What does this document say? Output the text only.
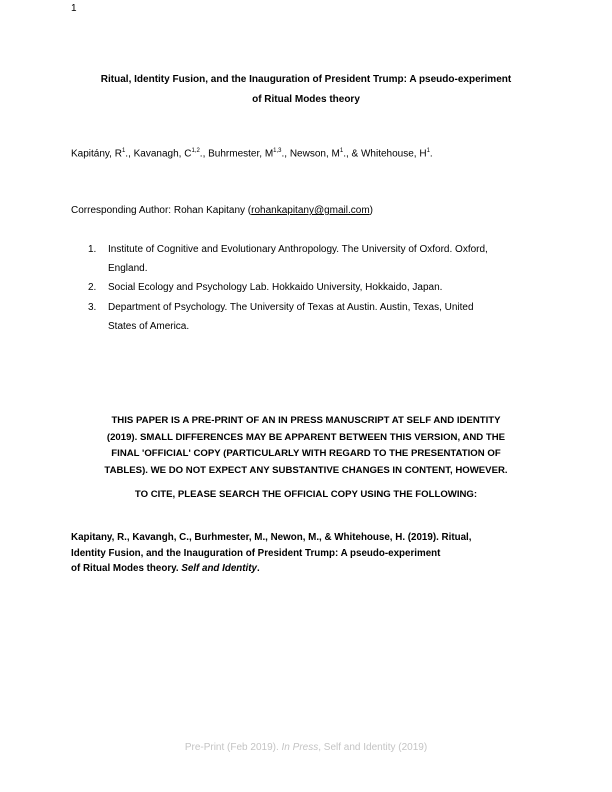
1
Ritual, Identity Fusion, and the Inauguration of President Trump: A pseudo-experiment
of Ritual Modes theory
Kapitány, $R^1$., Kavanagh, C$^{1,2}$., Buhrmester, M$^{1,3}$., Newson, $M^1$., & Whitehouse, $H^1$.
Corresponding Author: Rohan Kapitany (rohankapitany@gmail.com)
1.	Institute of Cognitive and Evolutionary Anthropology. The University of Oxford. Oxford,
England.
2.	Social Ecology and Psychology Lab. Hokkaido University, Hokkaido, Japan.
3.	Department of Psychology. The University of Texas at Austin. Austin, Texas, United
States of America.
THIS PAPER IS A PRE-PRINT OF AN IN PRESS MANUSCRIPT AT SELF AND IDENTITY
(2019). SMALL DIFFERENCES MAY BE APPARENT BETWEEN THIS VERSION, AND THE
FINAL 'OFFICIAL' COPY (PARTICULARLY WITH REGARD TO THE PRESENTATION OF
TABLES). WE DO NOT EXPECT ANY SUBSTANTIVE CHANGES IN CONTENT, HOWEVER.
TO CITE, PLEASE SEARCH THE OFFICIAL COPY USING THE FOLLOWING:
Kapitany, R., Kavangh, C., Burhmester, M., Newon, M., & Whitehouse, H. (2019). Ritual,
Identity Fusion, and the Inauguration of President Trump: A pseudo-experiment
of Ritual Modes theory. Self and Identity.
Pre-Print (Feb 2019). In Press, Self and Identity (2019)
